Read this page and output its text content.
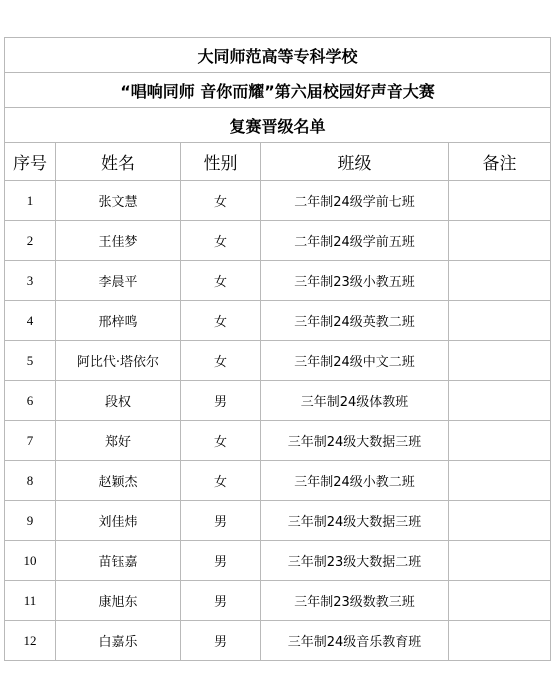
大同师范高等专科学校				
“唱响同师 音你而耀”第六届校园好声音大赛				
复赛晋级名单				
序号	姓名	性别	班级	备注
1	张文慧	女	二年制24级学前七班	
2	王佳梦	女	二年制24级学前五班	
3	李晨平	女	三年制23级小教五班	
4	邢梓鸣	女	三年制24级英教二班	
5	阿比代·塔依尔	女	三年制24级中文二班	
6	段权	男	三年制24级体教班	
7	郑好	女	三年制24级大数据三班	
8	赵颖杰	女	三年制24级小教二班	
9	刘佳炜	男	三年制24级大数据三班	
10	苗钰嘉	男	三年制23级大数据二班	
11	康旭东	男	三年制23级数教三班	
12	白嘉乐	男	三年制24级音乐教育班	
